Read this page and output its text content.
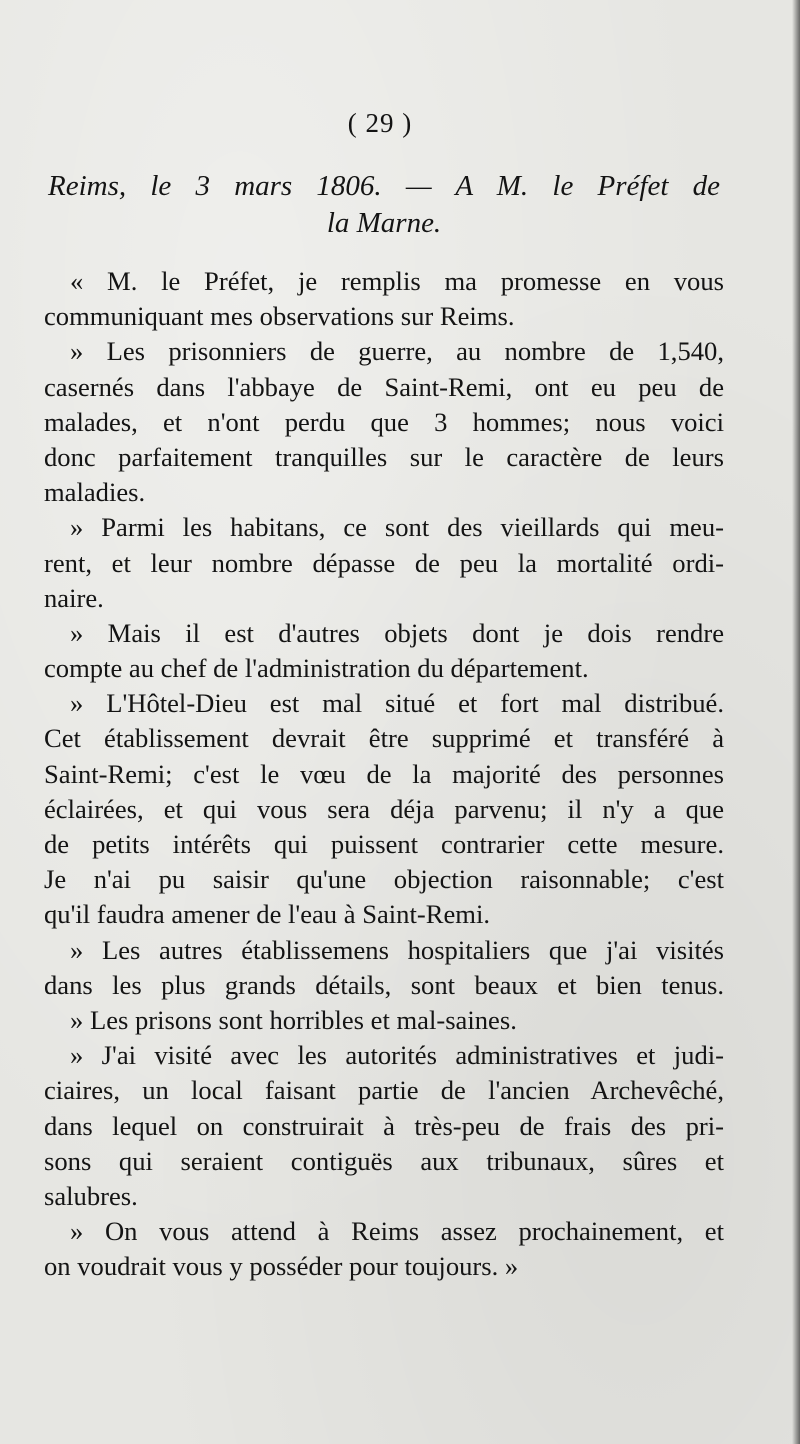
( 29 )
Reims, le 3 mars 1806. — A M. le Préfet de
la Marne.
« M. le Préfet, je remplis ma promesse en vous
communiquant mes observations sur Reims.
» Les prisonniers de guerre, au nombre de 1,540,
casernés dans l'abbaye de Saint-Remi, ont eu peu de
malades, et n'ont perdu que 3 hommes; nous voici
donc parfaitement tranquilles sur le caractère de leurs
maladies.
» Parmi les habitans, ce sont des vieillards qui meu-
rent, et leur nombre dépasse de peu la mortalité ordi-
naire.
» Mais il est d'autres objets dont je dois rendre
compte au chef de l'administration du département.
» L'Hôtel-Dieu est mal situé et fort mal distribué.
Cet établissement devrait être supprimé et transféré à
Saint-Remi; c'est le vœu de la majorité des personnes
éclairées, et qui vous sera déja parvenu; il n'y a que
de petits intérêts qui puissent contrarier cette mesure.
Je n'ai pu saisir qu'une objection raisonnable; c'est
qu'il faudra amener de l'eau à Saint-Remi.
» Les autres établissemens hospitaliers que j'ai visités
dans les plus grands détails, sont beaux et bien tenus.
» Les prisons sont horribles et mal-saines.
» J'ai visité avec les autorités administratives et judi-
ciaires, un local faisant partie de l'ancien Archevêché,
dans lequel on construirait à très-peu de frais des pri-
sons qui seraient contiguës aux tribunaux, sûres et
salubres.
» On vous attend à Reims assez prochainement, et
on voudrait vous y posséder pour toujours. »
